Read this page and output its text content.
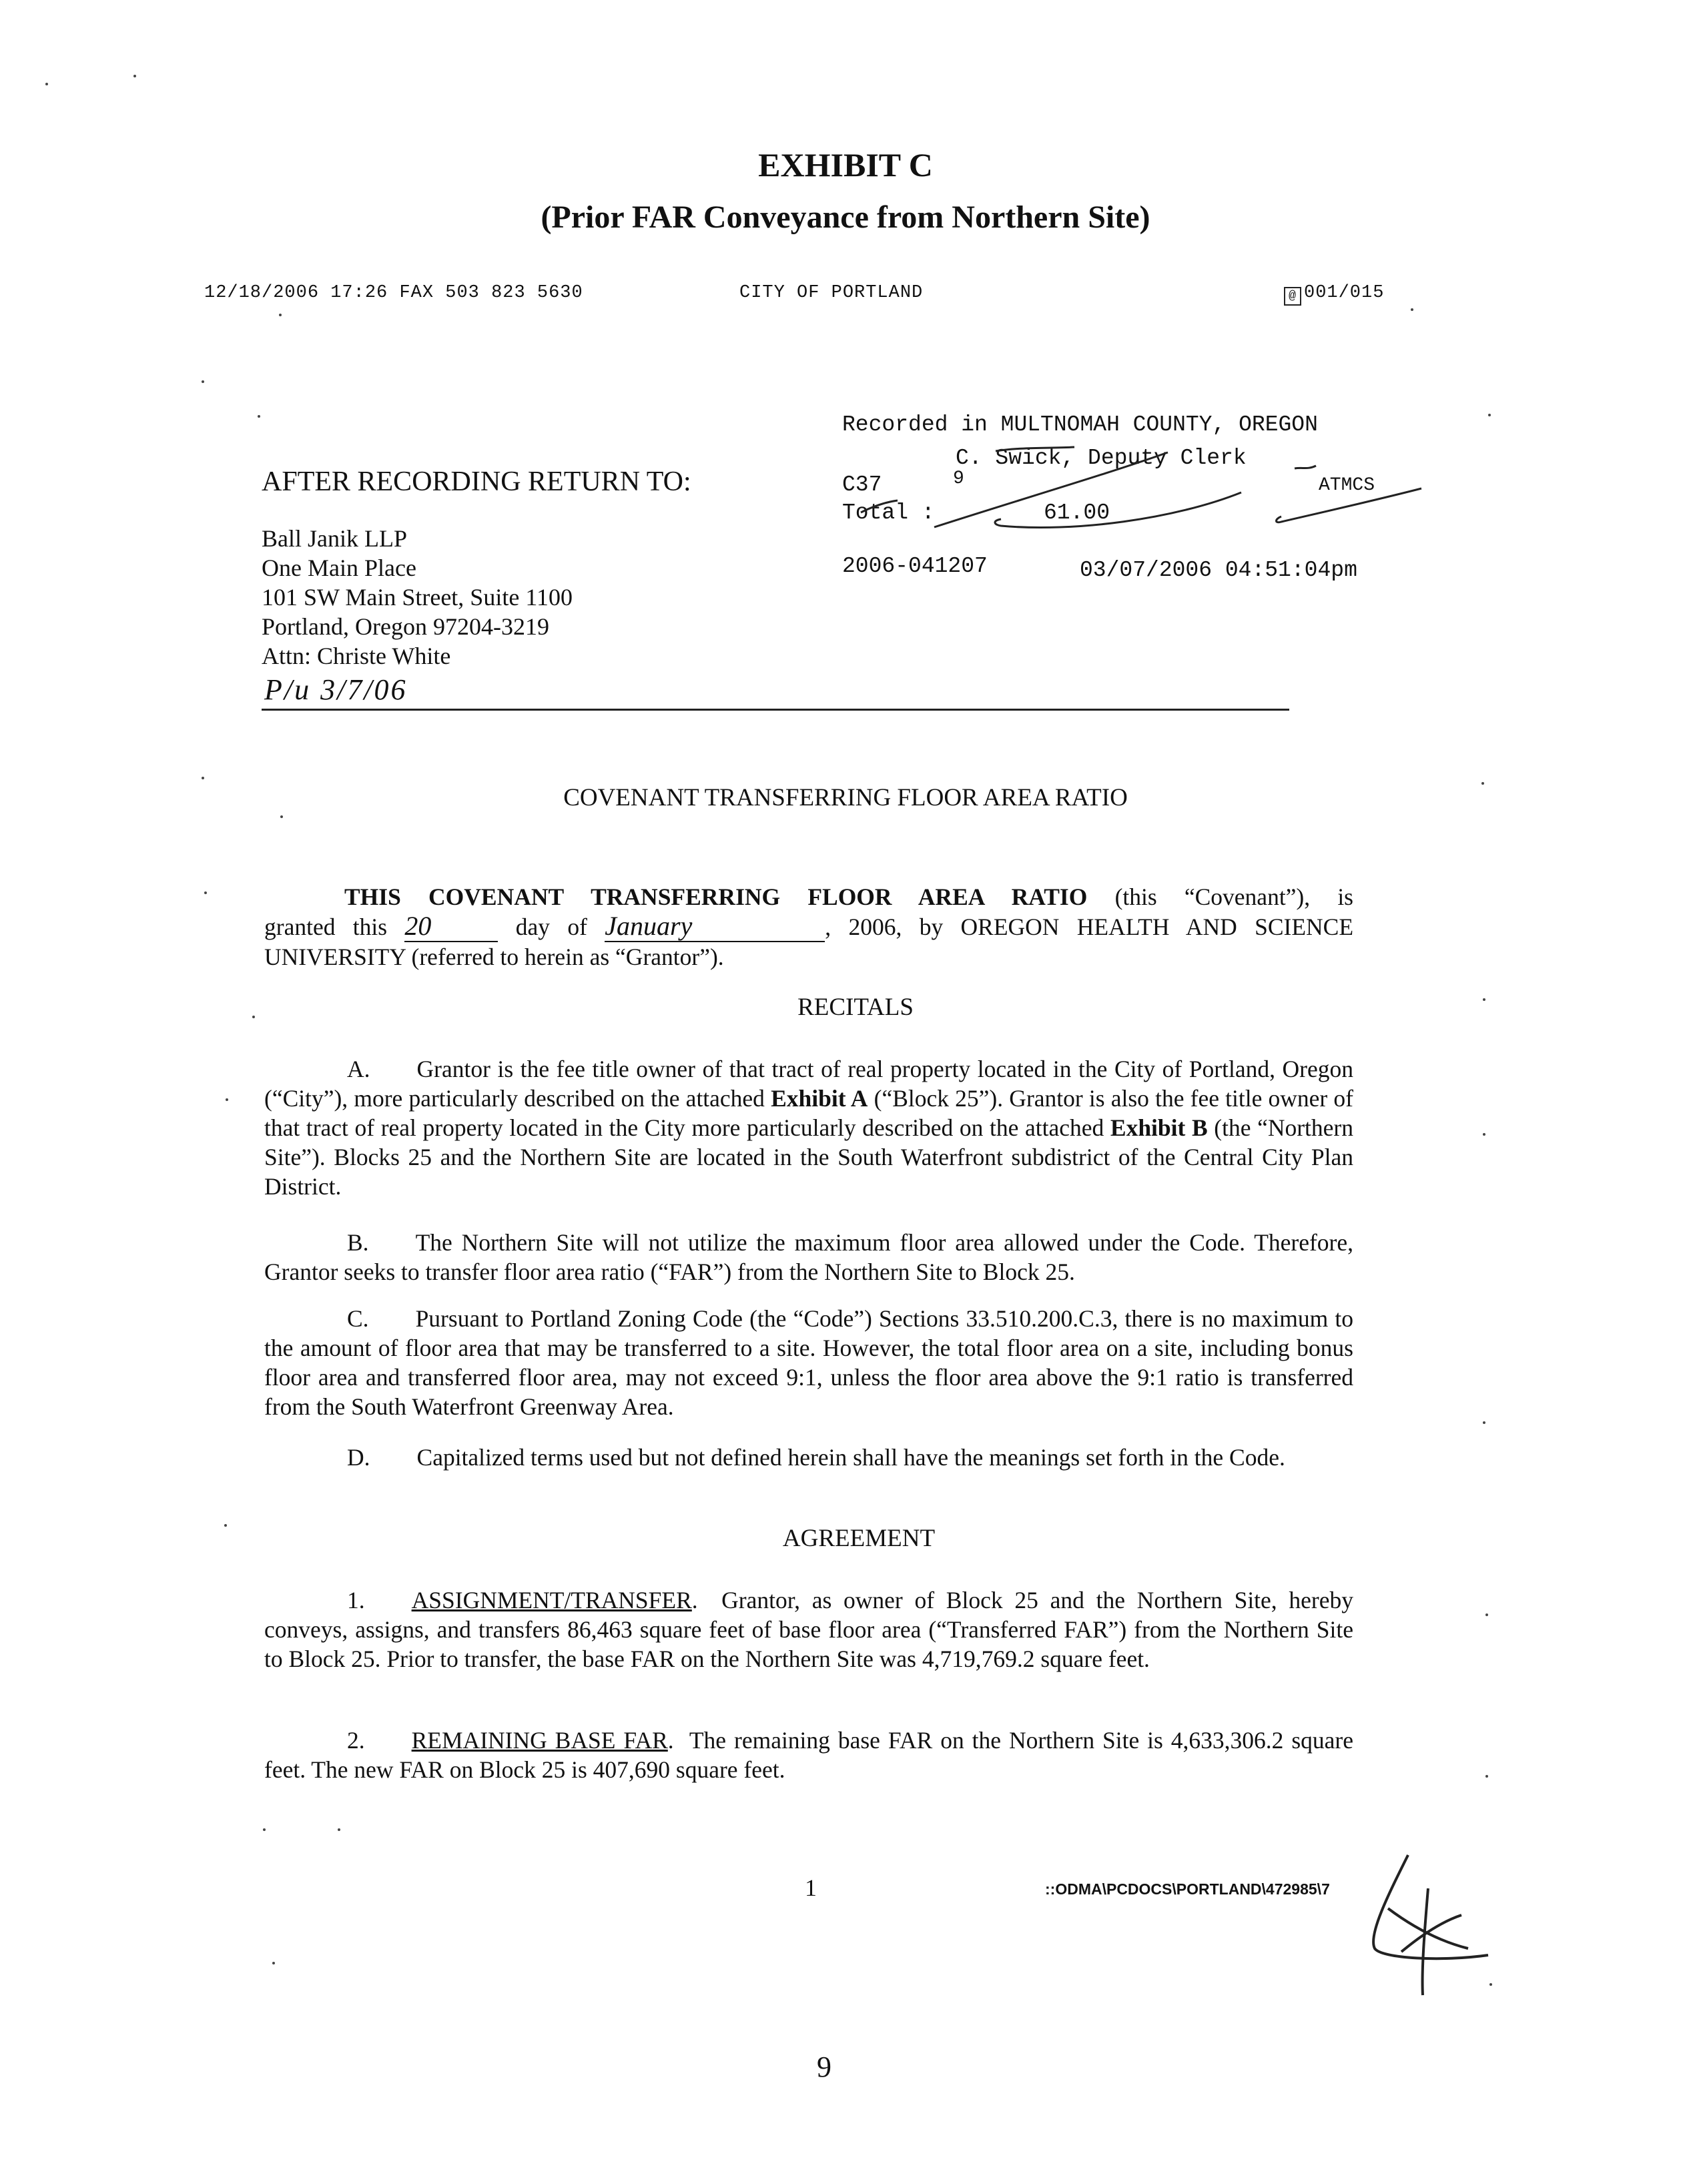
EXHIBIT C
(Prior FAR Conveyance from Northern Site)
12/18/2006 17:26 FAX 503 823 5630	CITY OF PORTLAND	@ 001/015
Recorded in MULTNOMAH COUNTY, OREGON
C. Swick, Deputy Clerk
C37	9	ATMCS
Total :	61.00
2006-041207	03/07/2006 04:51:04pm
AFTER RECORDING RETURN TO:
Ball Janik LLP
One Main Place
101 SW Main Street, Suite 1100
Portland, Oregon 97204-3219
Attn: Christe White
P/u 3/7/06
COVENANT TRANSFERRING FLOOR AREA RATIO
THIS COVENANT TRANSFERRING FLOOR AREA RATIO (this “Covenant”), is
granted this 20	day of January	, 2006, by OREGON HEALTH AND SCIENCE
UNIVERSITY (referred to herein as “Grantor”).
RECITALS
A. Grantor is the fee title owner of that tract of real property located in the City of Portland, Oregon (“City”), more particularly described on the attached Exhibit A (“Block 25”). Grantor is also the fee title owner of that tract of real property located in the City more particularly described on the attached Exhibit B (the “Northern Site”). Blocks 25 and the Northern Site are located in the South Waterfront subdistrict of the Central City Plan District.
B. The Northern Site will not utilize the maximum floor area allowed under the Code. Therefore, Grantor seeks to transfer floor area ratio (“FAR”) from the Northern Site to Block 25.
C. Pursuant to Portland Zoning Code (the “Code”) Sections 33.510.200.C.3, there is no maximum to the amount of floor area that may be transferred to a site. However, the total floor area on a site, including bonus floor area and transferred floor area, may not exceed 9:1, unless the floor area above the 9:1 ratio is transferred from the South Waterfront Greenway Area.
D. Capitalized terms used but not defined herein shall have the meanings set forth in the Code.
AGREEMENT
1. ASSIGNMENT/TRANSFER.  Grantor, as owner of Block 25 and the Northern Site, hereby conveys, assigns, and transfers 86,463 square feet of base floor area (“Transferred FAR”) from the Northern Site to Block 25. Prior to transfer, the base FAR on the Northern Site was 4,719,769.2 square feet.
2. REMAINING BASE FAR.  The remaining base FAR on the Northern Site is 4,633,306.2 square feet. The new FAR on Block 25 is 407,690 square feet.
1	::ODMA\PCDOCS\PORTLAND\472985\7
9
